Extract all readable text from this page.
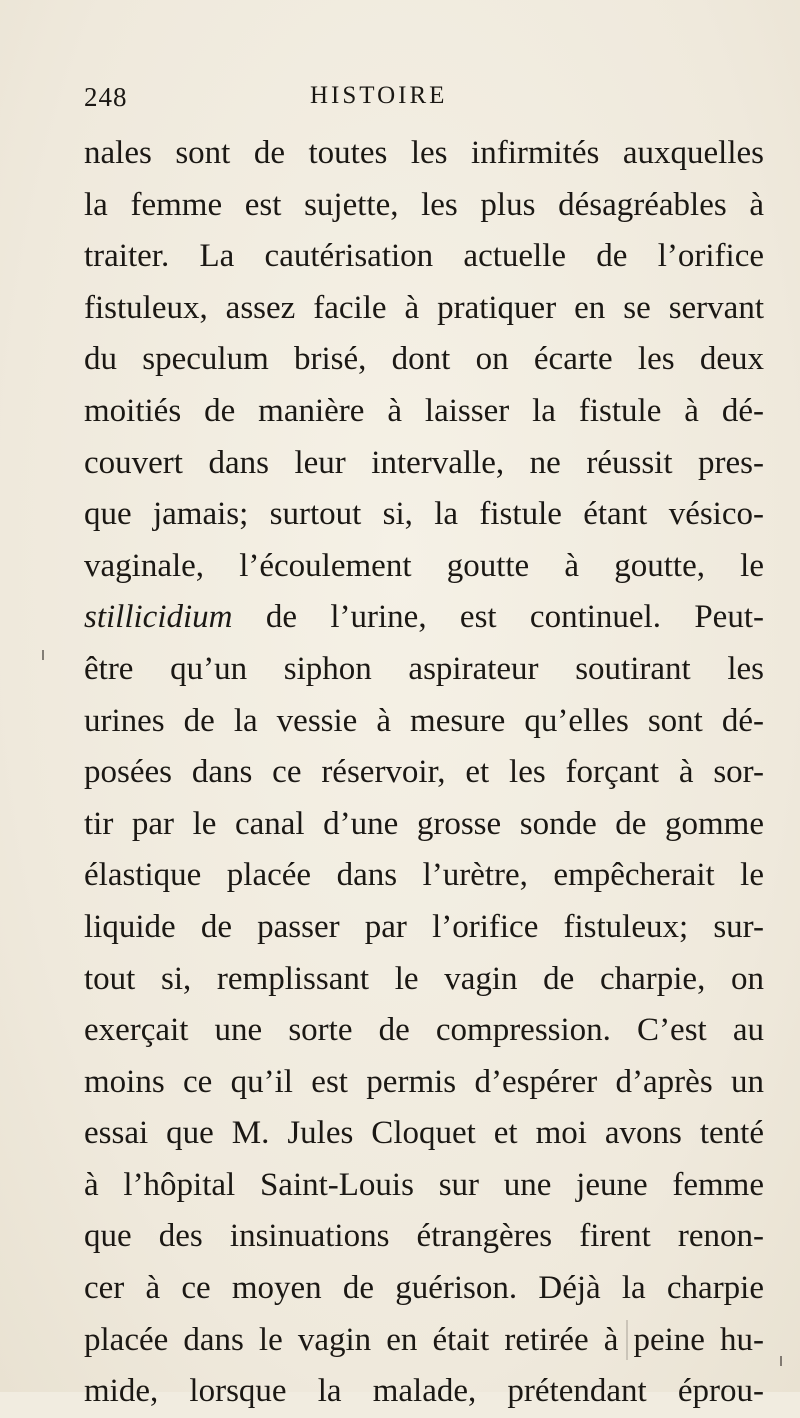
248	HISTOIRE
nales sont de toutes les infirmités auxquelles
la femme est sujette, les plus désagréables à
traiter. La cautérisation actuelle de l’orifice
fistuleux, assez facile à pratiquer en se servant
du speculum brisé, dont on écarte les deux
moitiés de manière à laisser la fistule à dé-
couvert dans leur intervalle, ne réussit pres-
que jamais; surtout si, la fistule étant vésico-
vaginale, l’écoulement goutte à goutte, le
stillicidium de l’urine, est continuel. Peut-
être qu’un siphon aspirateur soutirant les
urines de la vessie à mesure qu’elles sont dé-
posées dans ce réservoir, et les forçant à sor-
tir par le canal d’une grosse sonde de gomme
élastique placée dans l’urètre, empêcherait le
liquide de passer par l’orifice fistuleux; sur-
tout si, remplissant le vagin de charpie, on
exerçait une sorte de compression. C’est au
moins ce qu’il est permis d’espérer d’après un
essai que M. Jules Cloquet et moi avons tenté
à l’hôpital Saint-Louis sur une jeune femme
que des insinuations étrangères firent renon-
cer à ce moyen de guérison. Déjà la charpie
placée dans le vagin en était retirée à peine hu-
mide, lorsque la malade, prétendant éprou-
